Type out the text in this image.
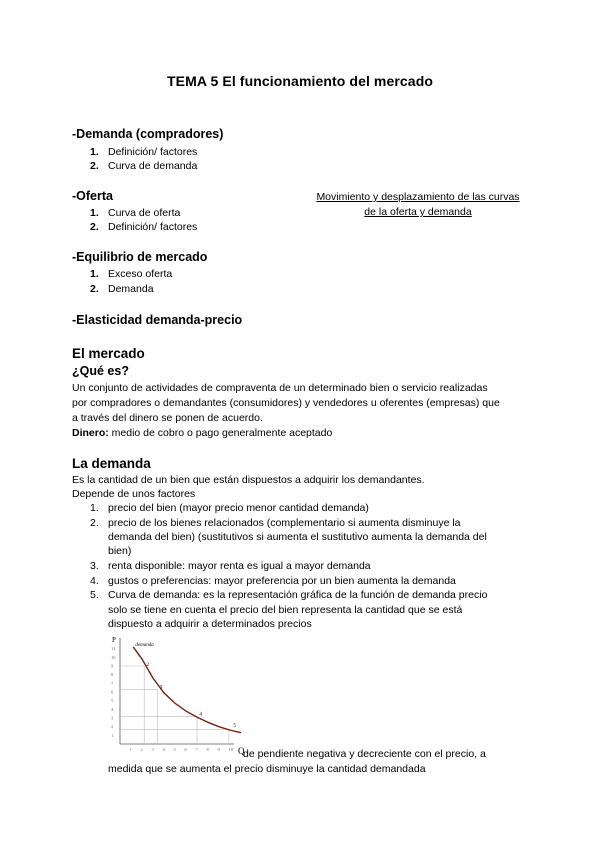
TEMA 5 El funcionamiento del mercado
-Demanda (compradores)
1. Definición/ factores
2. Curva de demanda
-Oferta
1. Curva de oferta
2. Definición/ factores
Movimiento y desplazamiento de las curvas
de la oferta y demanda
-Equilibrio de mercado
1. Exceso oferta
2. Demanda
-Elasticidad demanda-precio
El mercado
¿Qué es?
Un conjunto de actividades de compraventa de un determinado bien o servicio realizadas
por compradores o demandantes (consumidores) y vendedores u oferentes (empresas) que
a través del dinero se ponen de acuerdo.
Dinero: medio de cobro o pago generalmente aceptado
La demanda
Es la cantidad de un bien que están dispuestos a adquirir los demandantes.
Depende de unos factores
1. precio del bien (mayor precio menor cantidad demanda)
2. precio de los bienes relacionados (complementario si aumenta disminuye la
demanda del bien) (sustitutivos si aumenta el sustitutivo aumenta la demanda del
bien)
3. renta disponible: mayor renta es igual a mayor demanda
4. gustos o preferencias: mayor preferencia por un bien aumenta la demanda
5. Curva de demanda: es la representación gráfica de la función de demanda precio
solo se tiene en cuenta el precio del bien representa la cantidad que se está
dispuesto a adquirir a determinados precios
P
Q
1 2 3 4 5 6 7 8 9 10
1
2
3
4
5
6
7
8
9
10
11
demanda
2
3
4
5
de pendiente negativa y decreciente con el precio, a
medida que se aumenta el precio disminuye la cantidad demandada
